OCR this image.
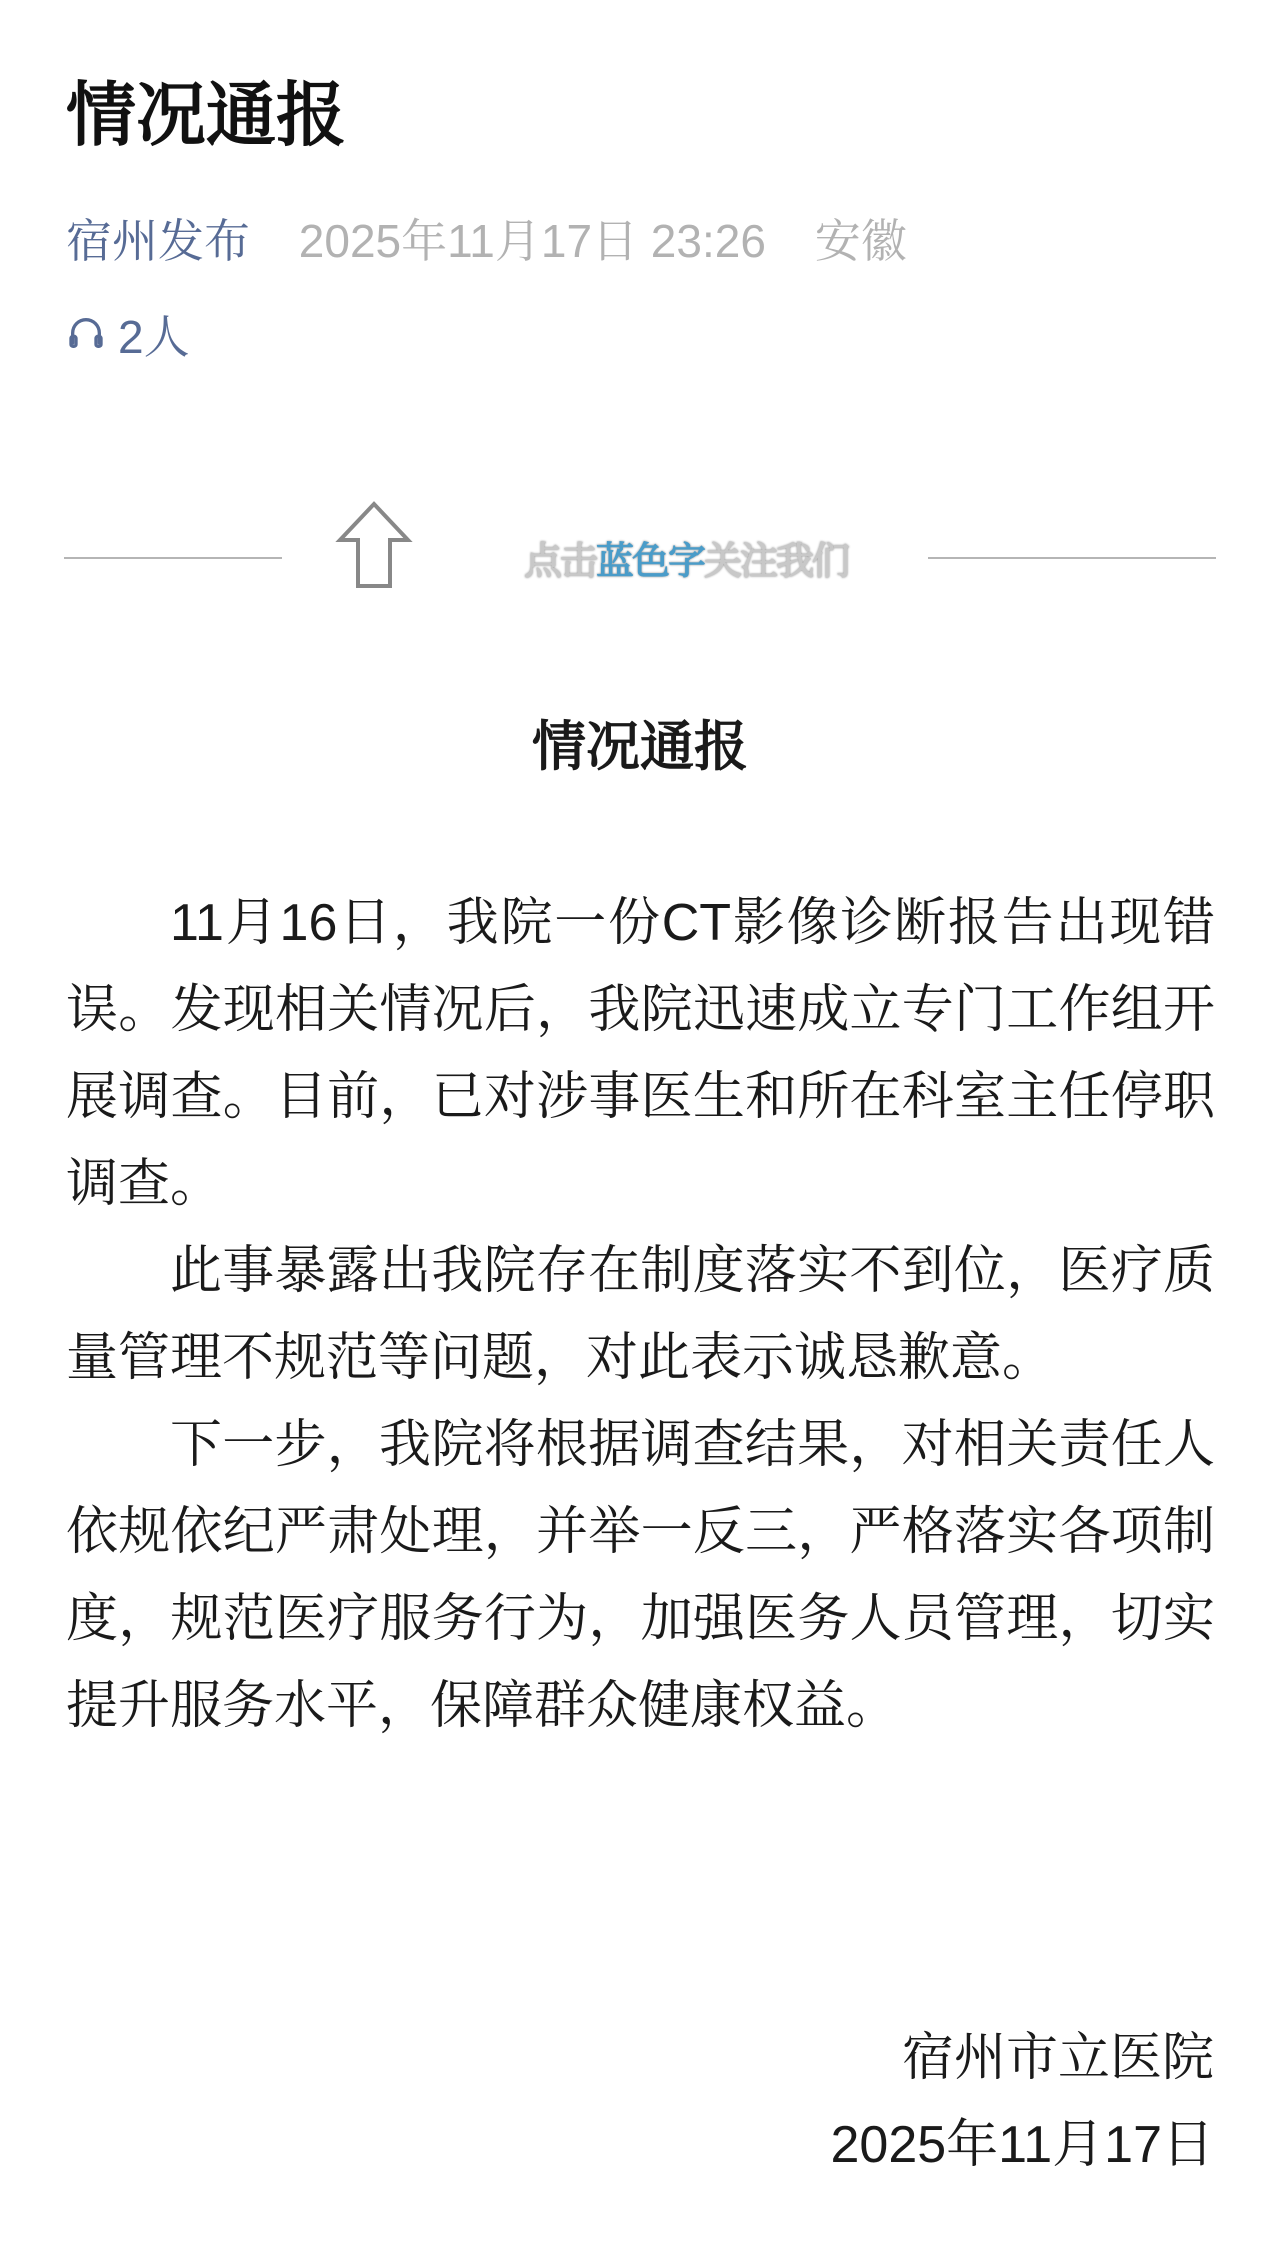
情况通报
宿州发布 2025年11月17日 23:26 安徽
2人
点击蓝色字关注我们
情况通报

11月16日，我院一份CT影像诊断报告出现错误。发现相关情况后，我院迅速成立专门工作组开展调查。目前，已对涉事医生和所在科室主任停职调查。

此事暴露出我院存在制度落实不到位，医疗质量管理不规范等问题，对此表示诚恳歉意。

下一步，我院将根据调查结果，对相关责任人依规依纪严肃处理，并举一反三，严格落实各项制度，规范医疗服务行为，加强医务人员管理，切实提升服务水平，保障群众健康权益。

宿州市立医院
2025年11月17日
